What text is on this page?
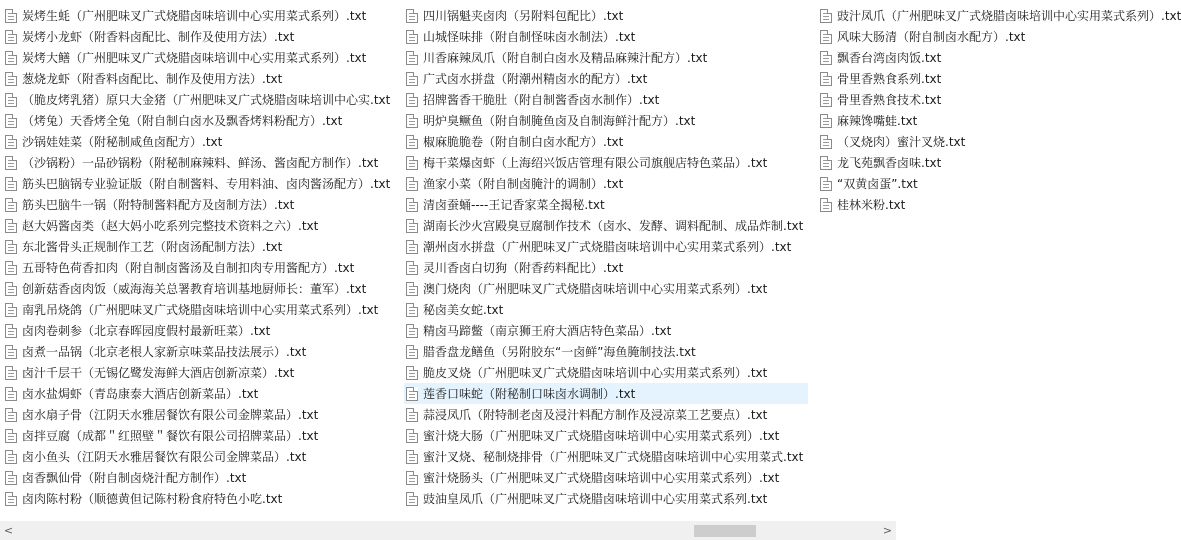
炭烤生蚝（广州肥味叉广式烧腊卤味培训中心实用菜式系列）.txt
炭烤小龙虾（附香料卤配比、制作及使用方法）.txt
炭烤大鳝（广州肥味叉广式烧腊卤味培训中心实用菜式系列）.txt
葱烧龙虾（附香料卤配比、制作及使用方法）.txt
（脆皮烤乳猪）原只大金猪（广州肥味叉广式烧腊卤味培训中心实.txt
（烤兔）天香烤全兔（附自制白卤水及飘香烤料粉配方）.txt
沙锅娃娃菜（附秘制咸鱼卤配方）.txt
（沙锅粉）一品砂锅粉（附秘制麻辣料、鲜汤、酱卤配方制作）.txt
筋头巴脑锅专业验证版（附自制酱料、专用料油、卤肉酱汤配方）.txt
筋头巴脑牛一锅（附特制酱料配方及卤制方法）.txt
赵大妈酱卤类（赵大妈小吃系列完整技术资料之六）.txt
东北酱骨头正规制作工艺（附卤汤配制方法）.txt
五哥特色荷香扣肉（附自制卤酱汤及自制扣肉专用酱配方）.txt
创新菇香卤肉饭（威海海关总署教育培训基地厨师长：董军）.txt
南乳吊烧鸽（广州肥味叉广式烧腊卤味培训中心实用菜式系列）.txt
卤肉卷刺参（北京春晖园度假村最新旺菜）.txt
卤煮一品锅（北京老根人家新京味菜品技法展示）.txt
卤汁千层干（无锡亿鹭发海鲜大酒店创新凉菜）.txt
卤水盐焗虾（青岛康泰大酒店创新菜品）.txt
卤水扇子骨（江阴天水雅居餐饮有限公司金牌菜品）.txt
卤拌豆腐（成都＂红照壁＂餐饮有限公司招牌菜品）.txt
卤小鱼头（江阴天水雅居餐饮有限公司金牌菜品）.txt
卤香飘仙骨（附自制卤烧汁配方制作）.txt
卤肉陈村粉（顺德黄但记陈村粉食府特色小吃.txt
四川锅魁夹卤肉（另附料包配比）.txt
山城怪味排（附自制怪味卤水制法）.txt
川香麻辣凤爪（附自制白卤水及精品麻辣汁配方）.txt
广式卤水拼盘（附潮州精卤水的配方）.txt
招牌酱香干脆肚（附自制酱香卤水制作）.txt
明炉臭鳜鱼（附自制腌鱼卤及自制海鲜汁配方）.txt
椒麻脆脆卷（附自制白卤水配方）.txt
梅干菜爆卤虾（上海绍兴饭店管理有限公司旗舰店特色菜品）.txt
渔家小菜（附自制卤腌汁的调制）.txt
清卤蚕蛹----王记香家菜全揭秘.txt
湖南长沙火宫殿臭豆腐制作技术（卤水、发酵、调料配制、成品炸制.txt
潮州卤水拼盘（广州肥味叉广式烧腊卤味培训中心实用菜式系列）.txt
灵川香卤白切狗（附香药料配比）.txt
澳门烧肉（广州肥味叉广式烧腊卤味培训中心实用菜式系列）.txt
秘卤美女蛇.txt
精卤马蹄鳖（南京狮王府大酒店特色菜品）.txt
腊香盘龙鳝鱼（另附胶东“一卤鲜”海鱼腌制技法.txt
脆皮叉烧（广州肥味叉广式烧腊卤味培训中心实用菜式系列）.txt
莲香口味蛇（附秘制口味卤水调制）.txt
蒜浸凤爪（附特制老卤及浸汁料配方制作及浸凉菜工艺要点）.txt
蜜汁烧大肠（广州肥味叉广式烧腊卤味培训中心实用菜式系列）.txt
蜜汁叉烧、秘制烧排骨（广州肥味叉广式烧腊卤味培训中心实用菜式.txt
蜜汁烧肠头（广州肥味叉广式烧腊卤味培训中心实用菜式系列）.txt
豉油皇凤爪（广州肥味叉广式烧腊卤味培训中心实用菜式系列.txt
豉汁凤爪（广州肥味叉广式烧腊卤味培训中心实用菜式系列）.txt
风味大肠清（附自制卤水配方）.txt
飘香台湾卤肉饭.txt
骨里香熟食系列.txt
骨里香熟食技术.txt
麻辣馋嘴蛙.txt
（叉烧肉）蜜汁叉烧.txt
龙飞苑飘香卤味.txt
“双黄卤蛋”.txt
桂林米粉.txt
<	>
